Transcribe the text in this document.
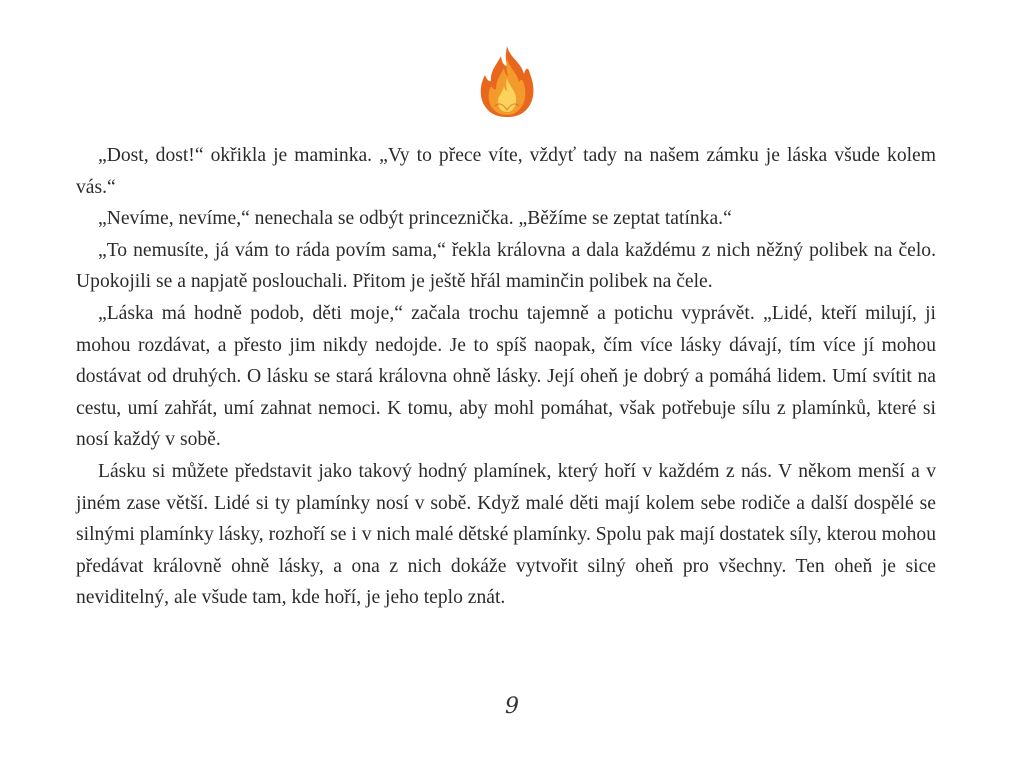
„Dost, dost!“ okřikla je maminka. „Vy to přece víte, vždyť tady na našem zámku je láska všude kolem vás.“

„Nevíme, nevíme,“ nenechala se odbýt princeznička. „Běžíme se zeptat tatínka.“

„To nemusíte, já vám to ráda povím sama,“ řekla královna a dala každému z nich něžný polibek na čelo. Upokojili se a napjatě poslouchali. Přitom je ještě hřál maminčin polibek na čele.

„Láska má hodně podob, děti moje,“ začala trochu tajemně a potichu vyprávět. „Lidé, kteří milují, ji mohou rozdávat, a přesto jim nikdy nedojde. Je to spíš naopak, čím více lásky dávají, tím více jí mohou dostávat od druhých. O lásku se stará královna ohně lásky. Její oheň je dobrý a pomáhá lidem. Umí svítit na cestu, umí zahřát, umí zahnat nemoci. K tomu, aby mohl pomáhat, však potřebuje sílu z plamínků, které si nosí každý v sobě.

Lásku si můžete představit jako takový hodný plamínek, který hoří v každém z nás. V někom menší a v jiném zase větší. Lidé si ty plamínky nosí v sobě. Když malé děti mají kolem sebe rodiče a další dospělé se silnými plamínky lásky, rozhoří se i v nich malé dětské plamínky. Spolu pak mají dostatek síly, kterou mohou předávat královně ohně lásky, a ona z nich dokáže vytvořit silný oheň pro všechny. Ten oheň je sice neviditelný, ale všude tam, kde hoří, je jeho teplo znát.

9
